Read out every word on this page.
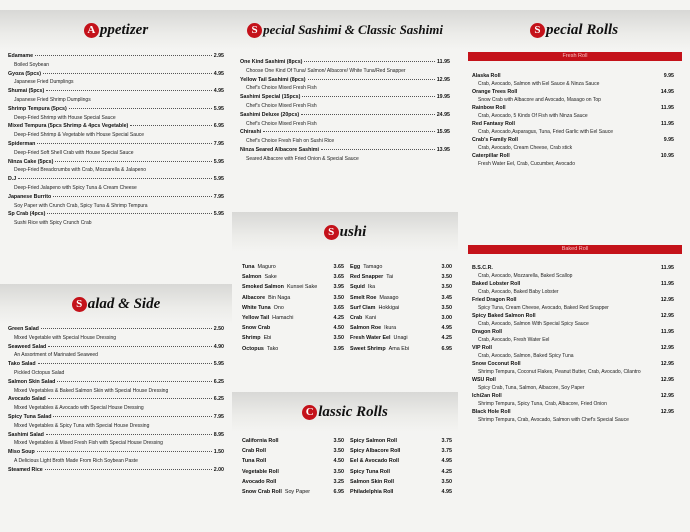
A ppetizer
Edamame	2.95
Boiled Soybean
Gyoza (5pcs)	4.95
Japanese Fried Dumplings
Shumai (5pcs)	4.95
Japanese Fried Shrimp Dumplings
Shrimp Tempura (5pcs)	5.95
Deep-Fried Shrimp with House Special Sauce
Mixed Tempura (5pcs Shrimp & 4pcs Vegetable)	6.95
Deep-Fried Shrimp & Vegetable with House Special Sauce
Spiderman	7.95
Deep-Fried Soft Shell Crab with House Special Sauce
Ninza Cake (5pcs)	5.95
Deep-Fried Breadcrumbs with Crab, Mozzarella & Jalapeno
D.J	5.95
Deep-Fried Jalapeno with Spicy Tuna & Cream Cheese
Japanese Burrito	7.95
Soy Paper with Crunch Crab, Spicy Tuna & Shrimp Tempura
Sp Crab (4pcs)	5.95
Sushi Rice with Spicy Crunch Crab
S alad & Side
Green Salad	2.50
Mixed Vegetable with Special House Dressing
Seaweed Salad	4.90
An Assortment of Marinated Seaweed
Tako Salad	5.95
Pickled Octopus Salad
Salmon Skin Salad	6.25
Mixed Vegetables & Baked Salmon Skin with Special House Dressing
Avocado Salad	6.25
Mixed Vegetables & Avocado with Special House Dressing
Spicy Tuna Salad	7.95
Mixed Vegetables & Spicy Tuna with Special House Dressing
Sashimi Salad	8.95
Mixed Vegetables & Mixed Fresh Fish with Special House Dressing
Miso Soup	1.50
A Delicious Light Broth Made From Rich Soybean Paste
Steamed Rice	2.00
S pecial Sashimi & Classic Sashimi
One Kind Sashimi (8pcs)	11.95
Choose One Kind Of Tuna/ Salmon/ Albacore/ White Tuna/Red Snapper
Yellow Tail Sashimi (8pcs)	12.95
Chef's Choice Mixed Fresh Fish
Sashimi Special (15pcs)	19.95
Chef's Choice Mixed Fresh Fish
Sashimi Deluxe (20pcs)	24.95
Chef's Choice Mixed Fresh Fish
Chirashi	15.95
Chef's Choice Fresh Fish on Sushi Rice
Ninza Seared Albacore Sashimi	13.95
Seared Albacore with Fried Onion & Special Sauce
S ushi
Tuna Maguro	3.65 Egg Tamago	3.00
Salmon Sake	3.65 Red Snapper Tai	3.50
Smoked Salmon Kunsei Sake	3.95 Squid Ika	3.50
Albacore Bin Naga	3.50 Smelt Roe Masago	3.45
White Tuna Ono	3.65 Surf Clam Hokkigai	3.50
Yellow Tail Hamachi	4.25 Crab Kani	3.00
Snow Crab	4.50 Salmon Roe Ikura	4.95
Shrimp Ebi	3.50 Fresh Water Eel Unagi	4.25
Octopus Tako	3.95 Sweet Shrimp Ama Ebi	6.95
C lassic Rolls
California Roll	3.50 Spicy Salmon Roll	3.75
Crab Roll	3.50 Spicy Albacore Roll	3.75
Tuna Roll	4.50 Eel & Avocado Roll	4.95
Vegetable Roll	3.50 Spicy Tuna Roll	4.25
Avocado Roll	3.25 Salmon Skin Roll	3.50
Snow Crab Roll Soy Paper	6.95 Philadelphia Roll	4.95
S pecial Rolls
Fresh Roll
Alaska Roll	9.95
Crab, Avocado, Salmon with Eel Sauce & Ninza Sauce
Orange Trees Roll	14.95
Snow Crab with Albacore and Avocado, Masago on Top
Rainbow Roll	11.95
Crab, Avocado, 5 Kinds Of Fish with Ninza Sauce
Red Fantasy Roll	11.95
Crab, Avocado,Asparagus, Tuna, Fried Garlic with Eel Sauce
Crab's Family Roll	9.95
Crab, Avocado, Cream Cheese, Crab stick
Caterpillar Roll	10.95
Fresh Water Eel, Crab, Cucumber, Avocado
Baked Roll
B.S.C.R.	11.95
Crab, Avocado, Mozzarella, Baked Scallop
Baked Lobster Roll	11.95
Crab, Avocado, Baked Baby Lobster
Fried Dragon Roll	12.95
Spicy Tuna, Cream Cheese, Avocado, Baked Red Snapper
Spicy Baked Salmon Roll	12.95
Crab, Avocado, Salmon With Special Spicy Sauce
Dragon Roll	11.95
Crab, Avocado, Fresh Water Eel
VIP Roll	12.95
Crab, Avocado, Salmon, Baked Spicy Tuna
Snow Coconut Roll	12.95
Shrimp Tempura, Coconut Flakes, Peanut Butter, Crab, Avocado, Cilantro
WSU Roll	12.95
Spicy Crab, Tuna, Salmon, Albacore, Soy Paper
Ichi2an Roll	12.95
Shrimp Tempura, Spicy Tuna, Crab, Albacore, Fried Onion
Black Hole Roll	12.95
Shrimp Tempura, Crab, Avocado, Salmon with Chef's Special Sauce
